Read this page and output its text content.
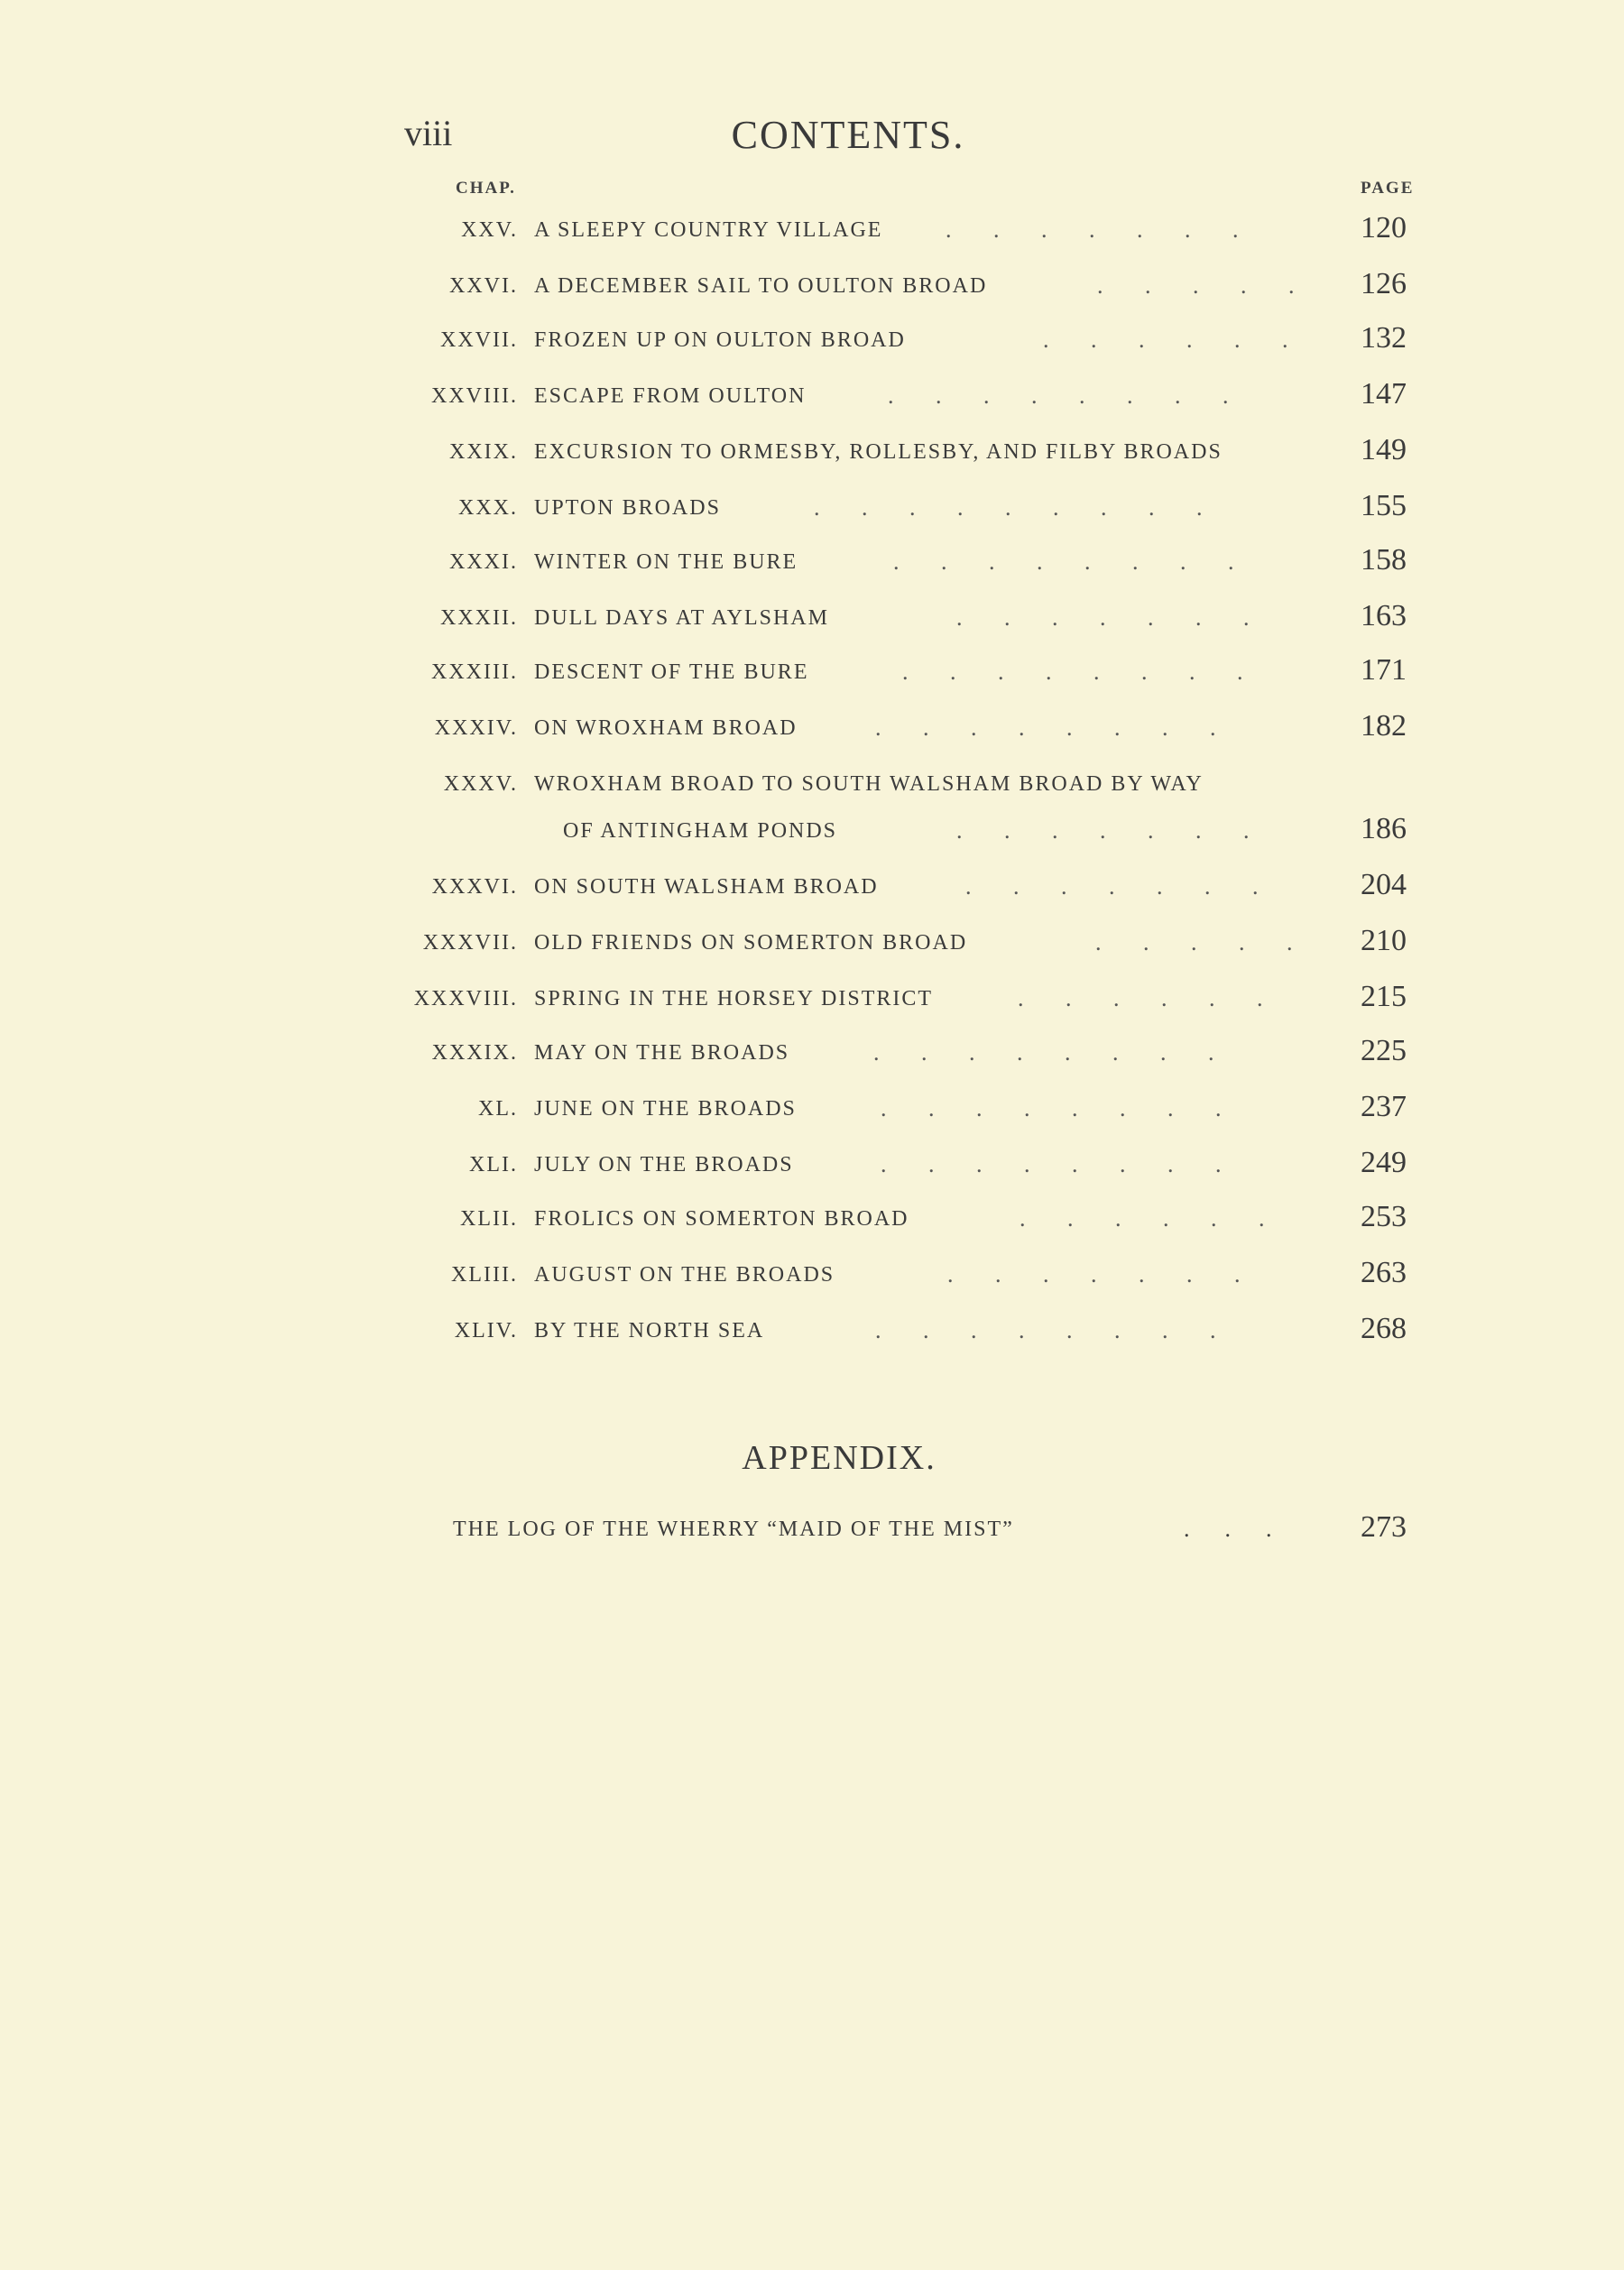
viii	CONTENTS.
CHAP.	PAGE
XXV. A SLEEPY COUNTRY VILLAGE	. . . . . . .	120
XXVI. A DECEMBER SAIL TO OULTON BROAD	. . . . . 126
XXVII. FROZEN UP ON OULTON BROAD	. . . . . . 132
XXVIII. ESCAPE FROM OULTON	. . . . . . . .	147
XXIX. EXCURSION TO ORMESBY, ROLLESBY, AND FILBY BROADS	149
XXX. UPTON BROADS	. . . . . . . . .	155
XXXI. WINTER ON THE BURE	. . . . . . . .	158
XXXII. DULL DAYS AT AYLSHAM	. . . . . . .	163
XXXIII. DESCENT OF THE BURE	. . . . . . . .	171
XXXIV. ON WROXHAM BROAD	. . . . . . . .	182
XXXV. WROXHAM BROAD TO SOUTH WALSHAM BROAD BY WAY
OF ANTINGHAM PONDS	. . . . . . .	186
XXXVI. ON SOUTH WALSHAM BROAD	. . . . . . .	204
XXXVII. OLD FRIENDS ON SOMERTON BROAD	. . . . . 210
XXXVIII. SPRING IN THE HORSEY DISTRICT	. . . . . .	215
XXXIX. MAY ON THE BROADS	. . . . . . . .	225
XL. JUNE ON THE BROADS	. . . . . . . .	237
XLI. JULY ON THE BROADS	. . . . . . . .	249
XLII. FROLICS ON SOMERTON BROAD	. . . . . .	253
XLIII. AUGUST ON THE BROADS	. . . . . . .	263
XLIV. BY THE NORTH SEA	. . . . . . . .	268
APPENDIX.
THE LOG OF THE WHERRY “MAID OF THE MIST”	.      .      .	273
